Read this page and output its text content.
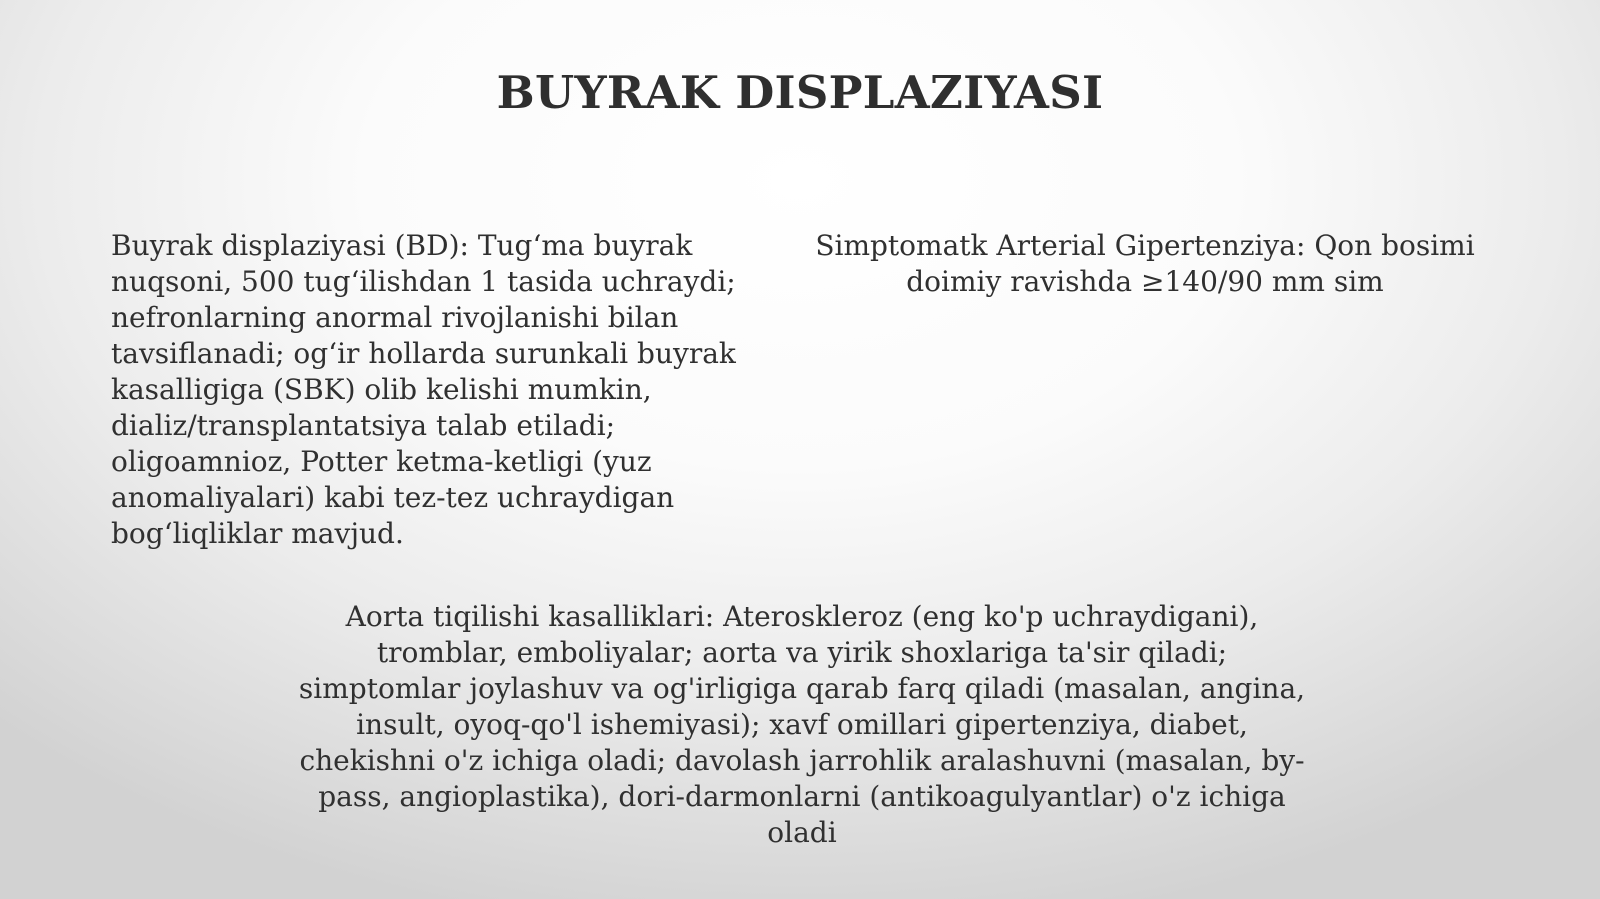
BUYRAK DISPLAZIYASI

Buyrak displaziyasi (BD): Tug‘ma buyrak
nuqsoni, 500 tug‘ilishdan 1 tasida uchraydi;
nefronlarning anormal rivojlanishi bilan
tavsiflanadi; og‘ir hollarda surunkali buyrak
kasalligiga (SBK) olib kelishi mumkin,
dializ/transplantatsiya talab etiladi;
oligoamnioz, Potter ketma-ketligi (yuz
anomaliyalari) kabi tez-tez uchraydigan
bog‘liqliklar mavjud.

Simptomatk Arterial Gipertenziya: Qon bosimi
doimiy ravishda ≥140/90 mm sim

Aorta tiqilishi kasalliklari: Ateroskleroz (eng ko'p uchraydigani),
tromblar, emboliyalar; aorta va yirik shoxlariga ta'sir qiladi;
simptomlar joylashuv va og'irligiga qarab farq qiladi (masalan, angina,
insult, oyoq-qo'l ishemiyasi); xavf omillari gipertenziya, diabet,
chekishni o'z ichiga oladi; davolash jarrohlik aralashuvni (masalan, by-
pass, angioplastika), dori-darmonlarni (antikoagulyantlar) o'z ichiga
oladi
